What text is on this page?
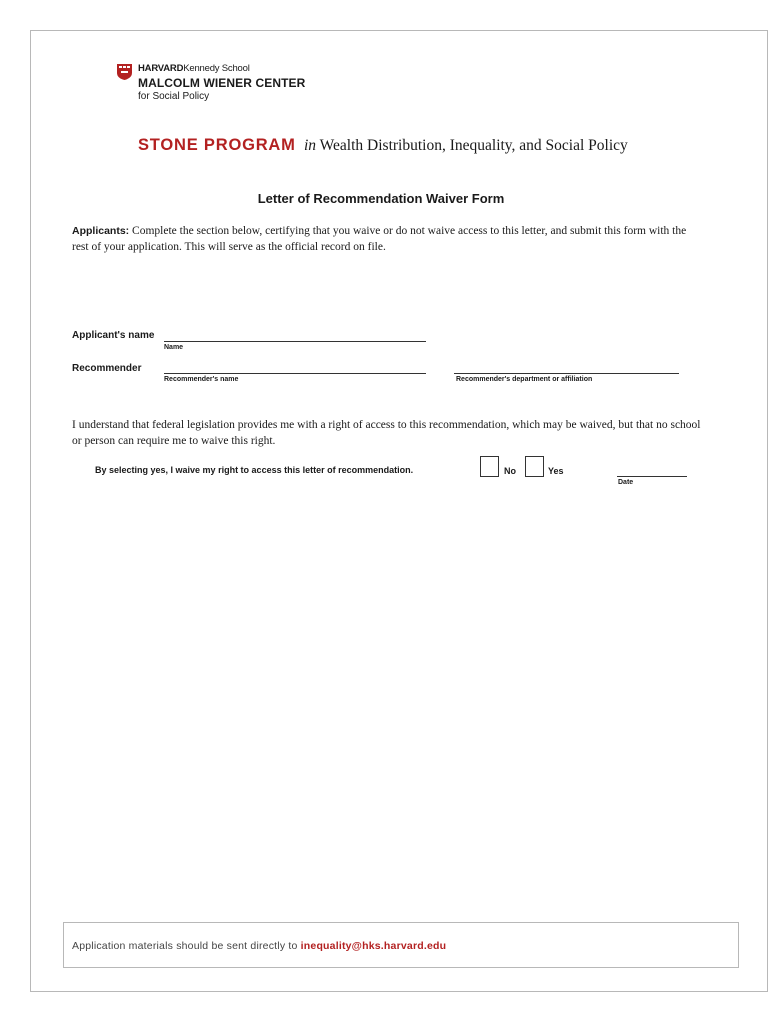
HARVARDKennedy School
MALCOLM WIENER CENTER
for Social Policy
STONE PROGRAM in Wealth Distribution, Inequality, and Social Policy
Letter of Recommendation Waiver Form
Applicants: Complete the section below, certifying that you waive or do not waive access to this letter, and submit this form with the rest of your application. This will serve as the official record on file.
Applicant's name
Name
Recommender
Recommender's name	Recommender's department or affiliation
I understand that federal legislation provides me with a right of access to this recommendation, which may be waived, but that no school or person can require me to waive this right.
By selecting yes, I waive my right to access this letter of recommendation.	No	Yes
Date
Application materials should be sent directly to inequality@hks.harvard.edu
